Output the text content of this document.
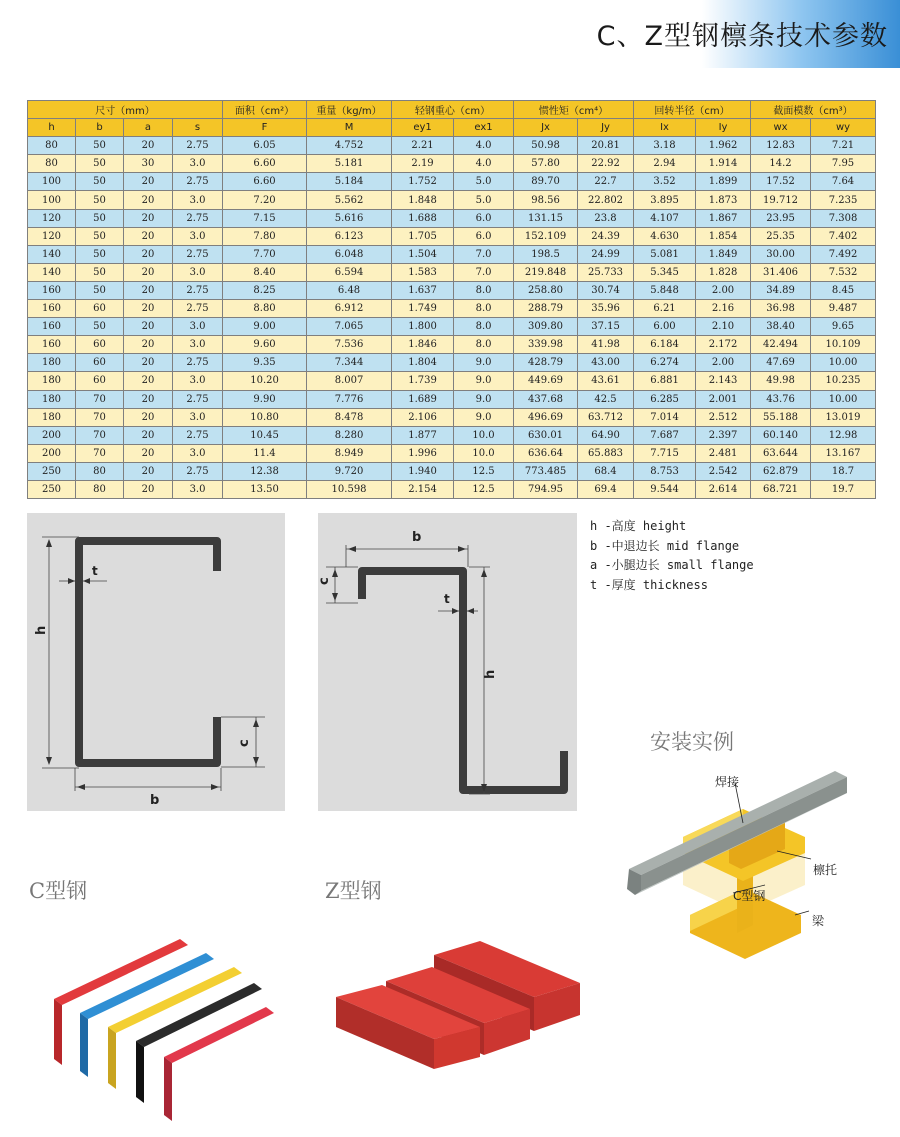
C、Z型钢檩条技术参数
尺寸（mm）				面积（cm²）	重量（kg/m）	轻钢重心（cm）		惯性矩（cm⁴）		回转半径（cm）		截面模数（cm³）	
h	b	a	s	F	M	ey1	ex1	Jx	Jy	Ix	Iy	wx	wy
80	50	20	2.75	6.05	4.752	2.21	4.0	50.98	20.81	3.18	1.962	12.83	7.21
80	50	30	3.0	6.60	5.181	2.19	4.0	57.80	22.92	2.94	1.914	14.2	7.95
100	50	20	2.75	6.60	5.184	1.752	5.0	89.70	22.7	3.52	1.899	17.52	7.64
100	50	20	3.0	7.20	5.562	1.848	5.0	98.56	22.802	3.895	1.873	19.712	7.235
120	50	20	2.75	7.15	5.616	1.688	6.0	131.15	23.8	4.107	1.867	23.95	7.308
120	50	20	3.0	7.80	6.123	1.705	6.0	152.109	24.39	4.630	1.854	25.35	7.402
140	50	20	2.75	7.70	6.048	1.504	7.0	198.5	24.99	5.081	1.849	30.00	7.492
140	50	20	3.0	8.40	6.594	1.583	7.0	219.848	25.733	5.345	1.828	31.406	7.532
160	50	20	2.75	8.25	6.48	1.637	8.0	258.80	30.74	5.848	2.00	34.89	8.45
160	60	20	2.75	8.80	6.912	1.749	8.0	288.79	35.96	6.21	2.16	36.98	9.487
160	50	20	3.0	9.00	7.065	1.800	8.0	309.80	37.15	6.00	2.10	38.40	9.65
160	60	20	3.0	9.60	7.536	1.846	8.0	339.98	41.98	6.184	2.172	42.494	10.109
180	60	20	2.75	9.35	7.344	1.804	9.0	428.79	43.00	6.274	2.00	47.69	10.00
180	60	20	3.0	10.20	8.007	1.739	9.0	449.69	43.61	6.881	2.143	49.98	10.235
180	70	20	2.75	9.90	7.776	1.689	9.0	437.68	42.5	6.285	2.001	43.76	10.00
180	70	20	3.0	10.80	8.478	2.106	9.0	496.69	63.712	7.014	2.512	55.188	13.019
200	70	20	2.75	10.45	8.280	1.877	10.0	630.01	64.90	7.687	2.397	60.140	12.98
200	70	20	3.0	11.4	8.949	1.996	10.0	636.64	65.883	7.715	2.481	63.644	13.167
250	80	20	2.75	12.38	9.720	1.940	12.5	773.485	68.4	8.753	2.542	62.879	18.7
250	80	20	3.0	13.50	10.598	2.154	12.5	794.95	69.4	9.544	2.614	68.721	19.7
h
b
c
t
b
c
t
h
h -高度 height
b -中退边长 mid flange
a -小腿边长 small flange
t -厚度 thickness
安装实例
焊接
檩托
C型钢
梁
C型钢	Z型钢
